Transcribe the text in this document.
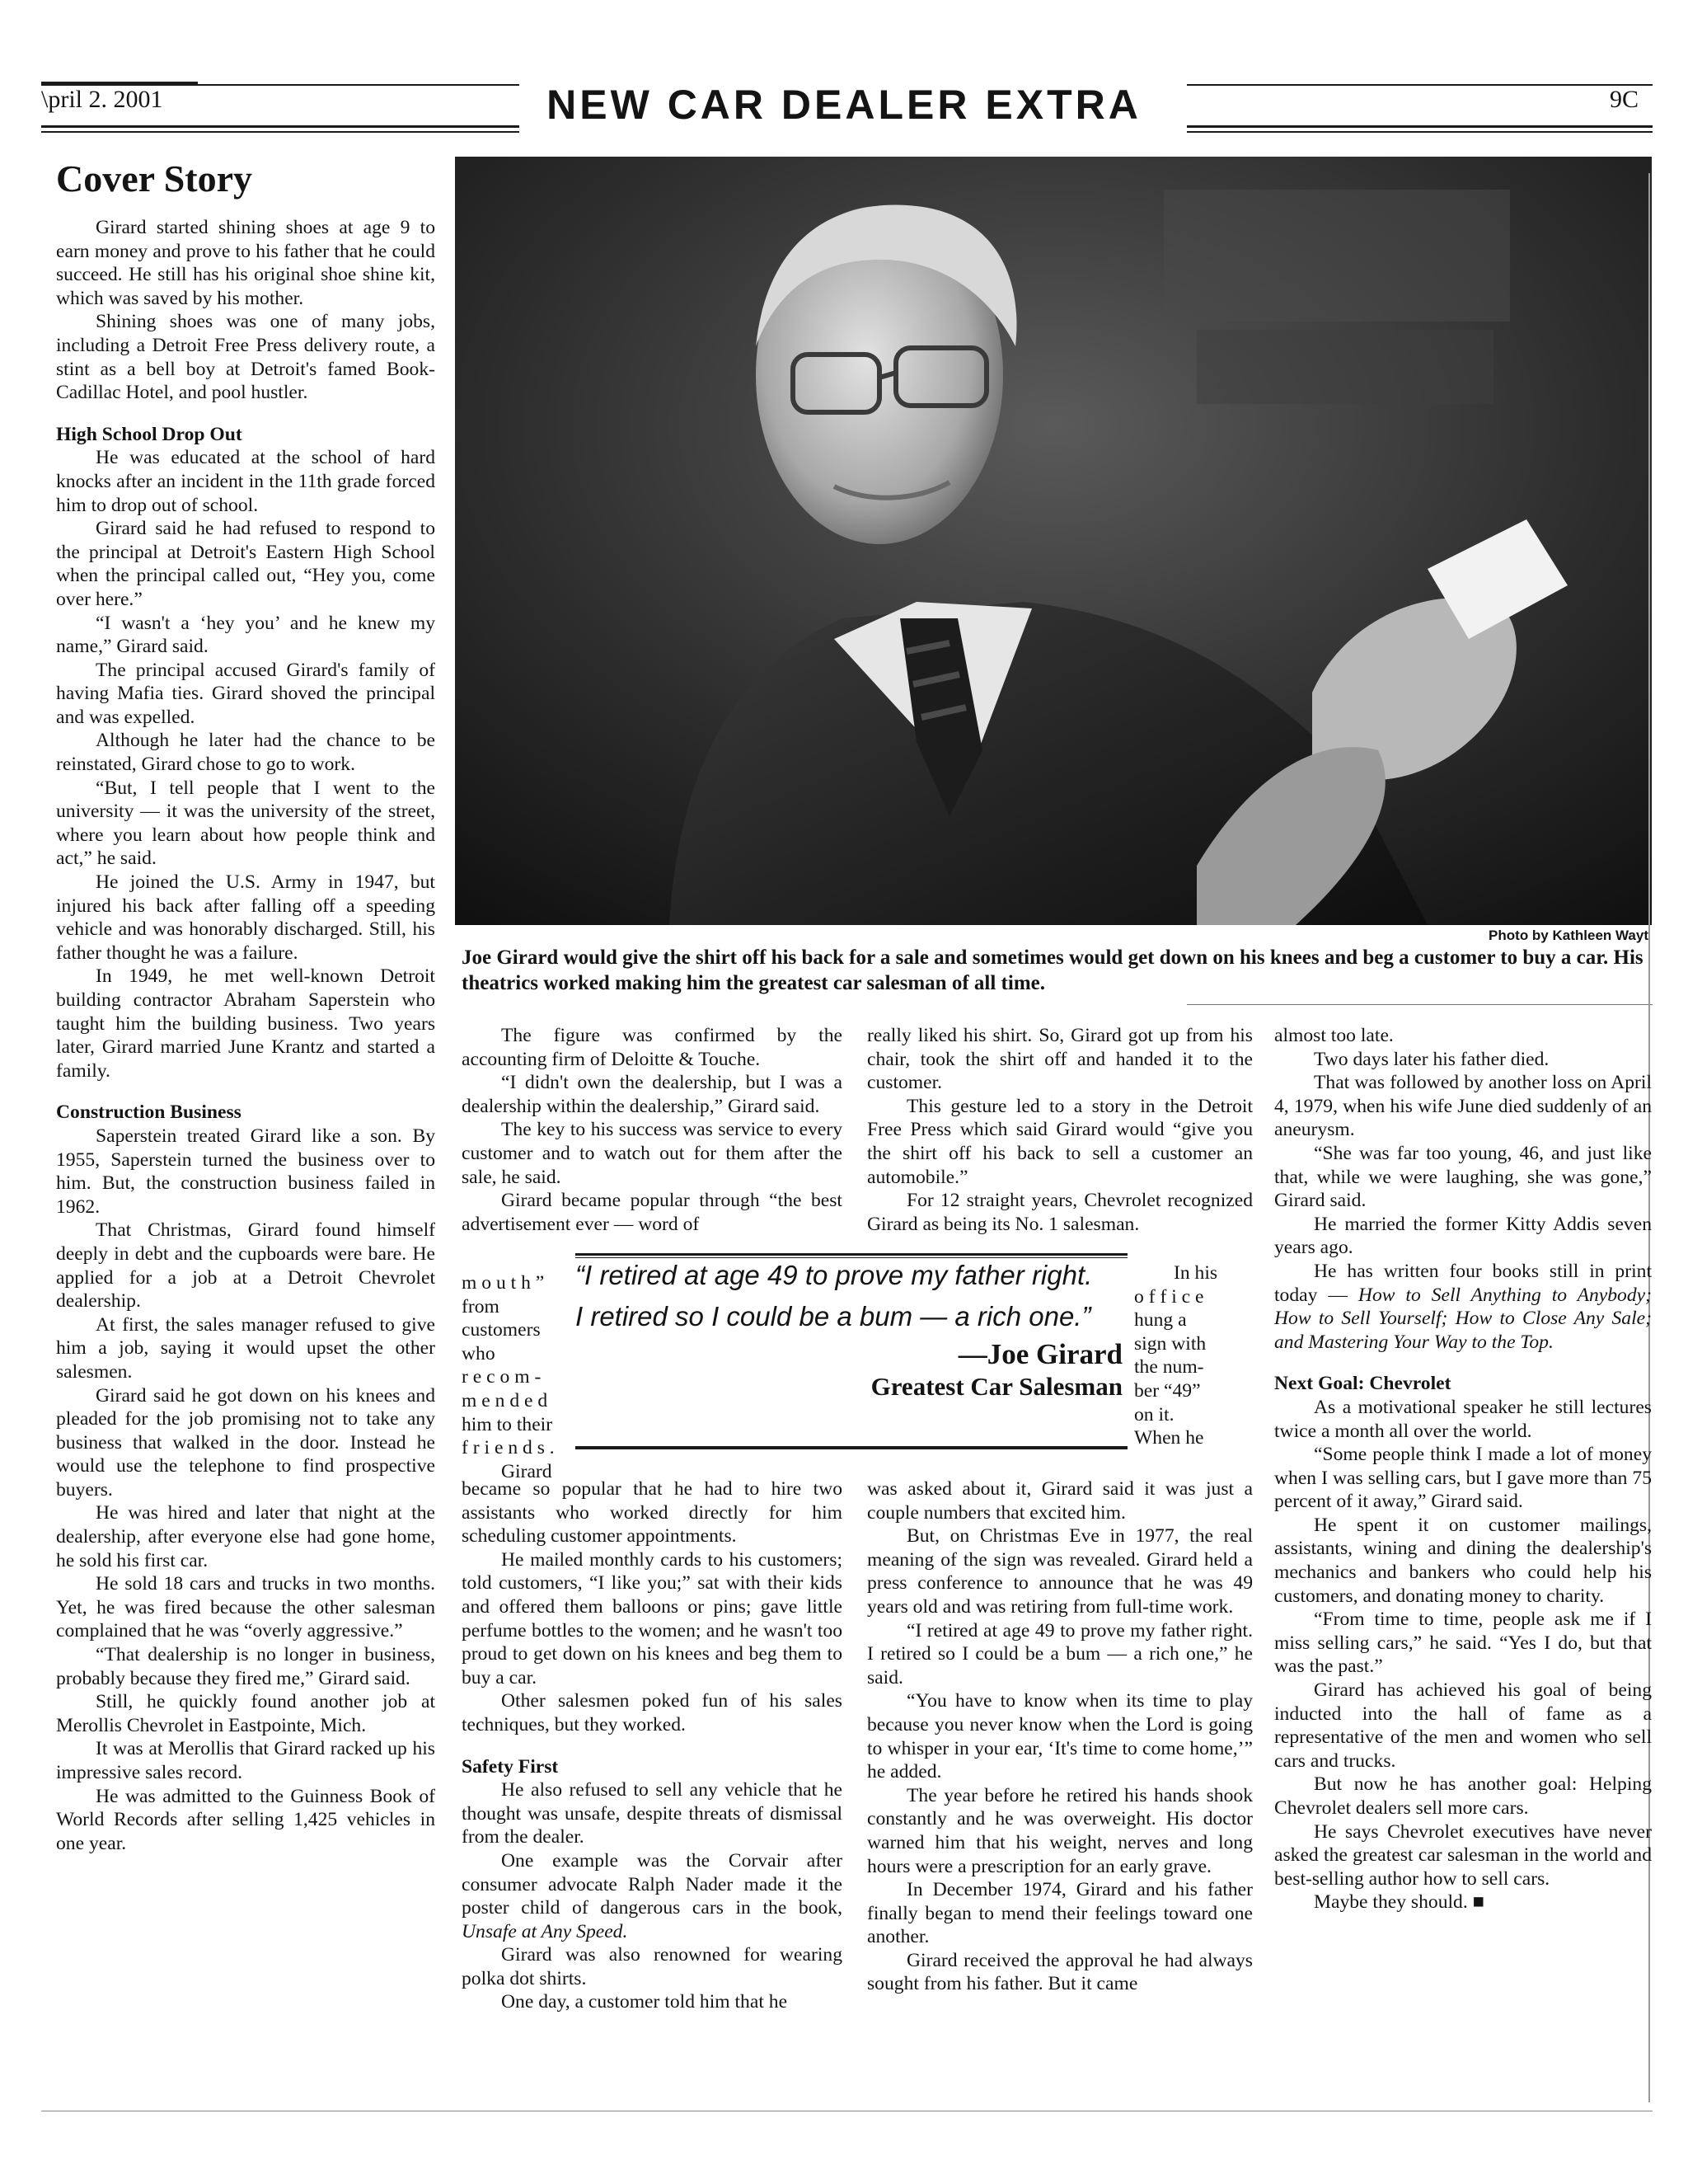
\pril 2. 2001	NEW CAR DEALER EXTRA	9C
Cover Story
Photo by Kathleen Wayt
Joe Girard would give the shirt off his back for a sale and sometimes would get down on his knees and beg a customer to buy a car. His theatrics worked making him the greatest car salesman of all time.

Girard started shining shoes at age 9 to earn money and prove to his father that he could succeed. He still has his original shoe shine kit, which was saved by his mother.

Shining shoes was one of many jobs, including a Detroit Free Press delivery route, a stint as a bell boy at Detroit's famed Book-Cadillac Hotel, and pool hustler.

High School Drop Out

He was educated at the school of hard knocks after an incident in the 11th grade forced him to drop out of school.

Girard said he had refused to respond to the principal at Detroit's Eastern High School when the principal called out, “Hey you, come over here.”

“I wasn't a ‘hey you’ and he knew my name,” Girard said.

The principal accused Girard's family of having Mafia ties. Girard shoved the principal and was expelled.

Although he later had the chance to be reinstated, Girard chose to go to work.

“But, I tell people that I went to the university — it was the university of the street, where you learn about how people think and act,” he said.

He joined the U.S. Army in 1947, but injured his back after falling off a speeding vehicle and was honorably discharged. Still, his father thought he was a failure.

In 1949, he met well-known Detroit building contractor Abraham Saperstein who taught him the building business. Two years later, Girard married June Krantz and started a family.

Construction Business

Saperstein treated Girard like a son. By 1955, Saperstein turned the business over to him. But, the construction business failed in 1962.

That Christmas, Girard found himself deeply in debt and the cupboards were bare. He applied for a job at a Detroit Chevrolet dealership.

At first, the sales manager refused to give him a job, saying it would upset the other salesmen.

Girard said he got down on his knees and pleaded for the job promising not to take any business that walked in the door. Instead he would use the telephone to find prospective buyers.

He was hired and later that night at the dealership, after everyone else had gone home, he sold his first car.

He sold 18 cars and trucks in two months. Yet, he was fired because the other salesman complained that he was “overly aggressive.”

“That dealership is no longer in business, probably because they fired me,” Girard said.

Still, he quickly found another job at Merollis Chevrolet in Eastpointe, Mich.

It was at Merollis that Girard racked up his impressive sales record.

He was admitted to the Guinness Book of World Records after selling 1,425 vehicles in one year.

The figure was confirmed by the accounting firm of Deloitte & Touche.

“I didn't own the dealership, but I was a dealership within the dealership,” Girard said.

The key to his success was service to every customer and to watch out for them after the sale, he said.

Girard became popular through “the best advertisement ever — word of

m o u t h ”
from customers who
r e c o m -
m e n d e d
him to their
f r i e n d s .
Girard

became so popular that he had to hire two assistants who worked directly for him scheduling customer appointments.

He mailed monthly cards to his customers; told customers, “I like you;” sat with their kids and offered them balloons or pins; gave little perfume bottles to the women; and he wasn't too proud to get down on his knees and beg them to buy a car.

Other salesmen poked fun of his sales techniques, but they worked.

Safety First

He also refused to sell any vehicle that he thought was unsafe, despite threats of dismissal from the dealer.

One example was the Corvair after consumer advocate Ralph Nader made it the poster child of dangerous cars in the book, Unsafe at Any Speed.

Girard was also renowned for wearing polka dot shirts.

One day, a customer told him that he

“I retired at age 49 to prove my father right.
I retired so I could be a bum — a rich one.”
—Joe Girard
Greatest Car Salesman

really liked his shirt. So, Girard got up from his chair, took the shirt off and handed it to the customer.

This gesture led to a story in the Detroit Free Press which said Girard would “give you the shirt off his back to sell a customer an automobile.”

For 12 straight years, Chevrolet recognized Girard as being its No. 1 salesman.

In his
o f f i c e
hung a
sign with
the num-
ber “49”
on it.
When he

was asked about it, Girard said it was just a couple numbers that excited him.

But, on Christmas Eve in 1977, the real meaning of the sign was revealed. Girard held a press conference to announce that he was 49 years old and was retiring from full-time work.

“I retired at age 49 to prove my father right. I retired so I could be a bum — a rich one,” he said.

“You have to know when its time to play because you never know when the Lord is going to whisper in your ear, ‘It's time to come home,’” he added.

The year before he retired his hands shook constantly and he was overweight. His doctor warned him that his weight, nerves and long hours were a prescription for an early grave.

In December 1974, Girard and his father finally began to mend their feelings toward one another.

Girard received the approval he had always sought from his father. But it came

almost too late.

Two days later his father died.

That was followed by another loss on April 4, 1979, when his wife June died suddenly of an aneurysm.

“She was far too young, 46, and just like that, while we were laughing, she was gone,” Girard said.

He married the former Kitty Addis seven years ago.

He has written four books still in print today — How to Sell Anything to Anybody; How to Sell Yourself; How to Close Any Sale; and Mastering Your Way to the Top.

Next Goal: Chevrolet

As a motivational speaker he still lectures twice a month all over the world.

“Some people think I made a lot of money when I was selling cars, but I gave more than 75 percent of it away,” Girard said.

He spent it on customer mailings, assistants, wining and dining the dealership's mechanics and bankers who could help his customers, and donating money to charity.

“From time to time, people ask me if I miss selling cars,” he said. “Yes I do, but that was the past.”

Girard has achieved his goal of being inducted into the hall of fame as a representative of the men and women who sell cars and trucks.

But now he has another goal: Helping Chevrolet dealers sell more cars.

He says Chevrolet executives have never asked the greatest car salesman in the world and best-selling author how to sell cars.

Maybe they should. ■
